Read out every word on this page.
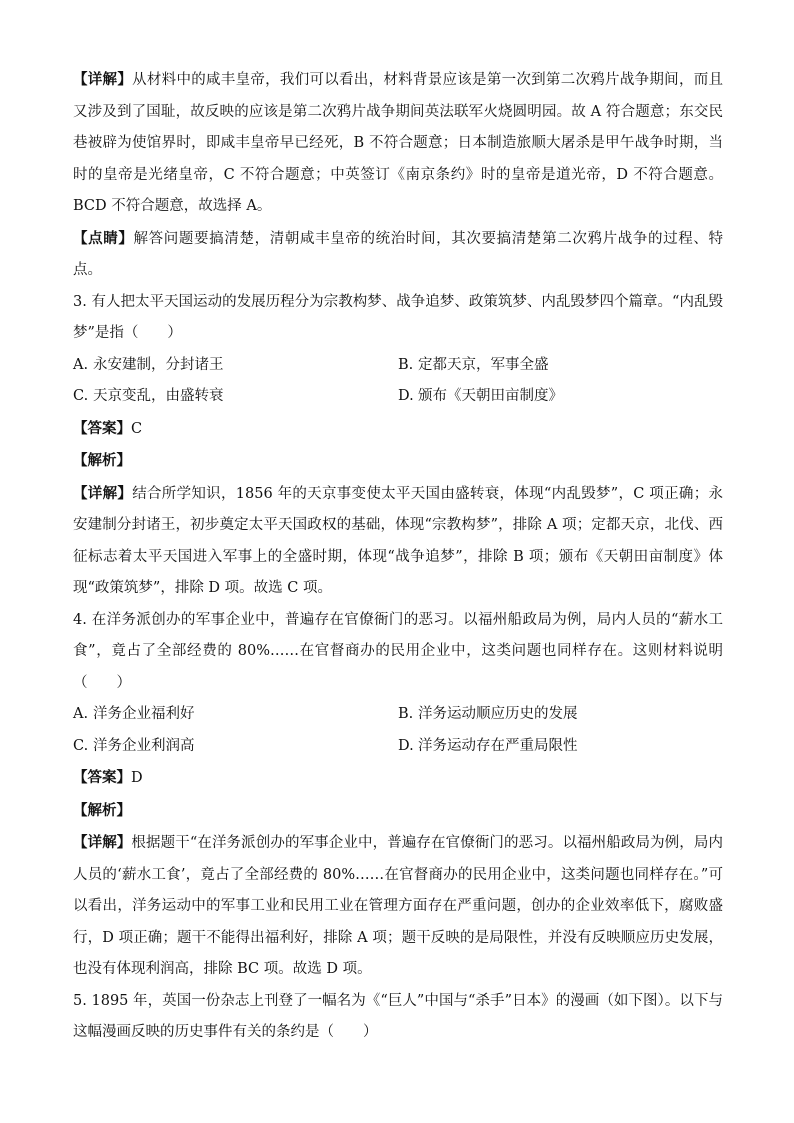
【详解】从材料中的咸丰皇帝，我们可以看出，材料背景应该是第一次到第二次鸦片战争期间，而且又涉及到了国耻，故反映的应该是第二次鸦片战争期间英法联军火烧圆明园。故 A 符合题意；东交民巷被辟为使馆界时，即咸丰皇帝早已经死，B 不符合题意；日本制造旅顺大屠杀是甲午战争时期，当时的皇帝是光绪皇帝，C 不符合题意；中英签订《南京条约》时的皇帝是道光帝，D 不符合题意。BCD 不符合题意，故选择 A。

【点睛】解答问题要搞清楚，清朝咸丰皇帝的统治时间，其次要搞清楚第二次鸦片战争的过程、特点。

3. 有人把太平天国运动的发展历程分为宗教构梦、战争追梦、政策筑梦、内乱毁梦四个篇章。“内乱毁梦”是指（　　）

A. 永安建制，分封诸王	B. 定都天京，军事全盛
C. 天京变乱，由盛转衰	D. 颁布《天朝田亩制度》

【答案】C

【解析】

【详解】结合所学知识，1856 年的天京事变使太平天国由盛转衰，体现“内乱毁梦”，C 项正确；永安建制分封诸王，初步奠定太平天国政权的基础，体现“宗教构梦”，排除 A 项；定都天京，北伐、西征标志着太平天国进入军事上的全盛时期，体现“战争追梦”，排除 B 项；颁布《天朝田亩制度》体现“政策筑梦”，排除 D 项。故选 C 项。

4. 在洋务派创办的军事企业中，普遍存在官僚衙门的恶习。以福州船政局为例，局内人员的“薪水工食”，竟占了全部经费的 80%……在官督商办的民用企业中，这类问题也同样存在。这则材料说明（　　）

A. 洋务企业福利好	B. 洋务运动顺应历史的发展
C. 洋务企业利润高	D. 洋务运动存在严重局限性

【答案】D

【解析】

【详解】根据题干“在洋务派创办的军事企业中，普遍存在官僚衙门的恶习。以福州船政局为例，局内人员的‘薪水工食’，竟占了全部经费的 80%……在官督商办的民用企业中，这类问题也同样存在。”可以看出，洋务运动中的军事工业和民用工业在管理方面存在严重问题，创办的企业效率低下，腐败盛行，D 项正确；题干不能得出福利好，排除 A 项；题干反映的是局限性，并没有反映顺应历史发展，也没有体现利润高，排除 BC 项。故选 D 项。

5. 1895 年，英国一份杂志上刊登了一幅名为《“巨人”中国与“杀手”日本》的漫画（如下图）。以下与这幅漫画反映的历史事件有关的条约是（　　）
